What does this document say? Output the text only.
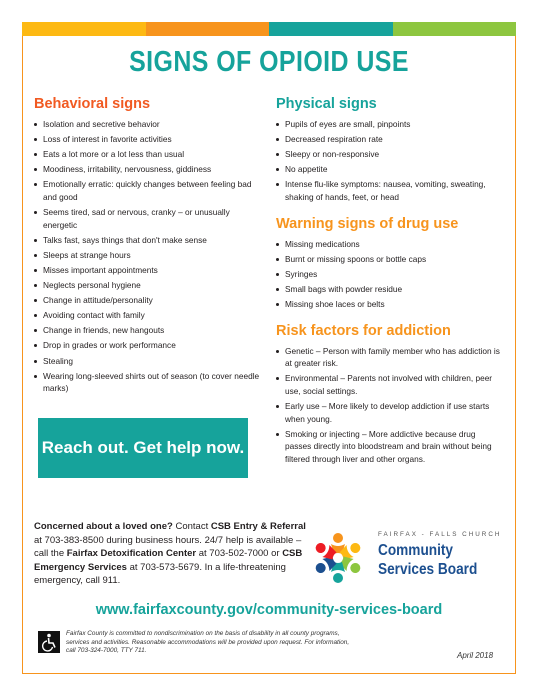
SIGNS OF OPIOID USE
Behavioral signs
Isolation and secretive behavior
Loss of interest in favorite activities
Eats a lot more or a lot less than usual
Moodiness, irritability, nervousness, giddiness
Emotionally erratic: quickly changes between feeling bad and good
Seems tired, sad or nervous, cranky – or unusually energetic
Talks fast, says things that don't make sense
Sleeps at strange hours
Misses important appointments
Neglects personal hygiene
Change in attitude/personality
Avoiding contact with family
Change in friends, new hangouts
Drop in grades or work performance
Stealing
Wearing long-sleeved shirts out of season (to cover needle marks)
Physical signs
Pupils of eyes are small, pinpoints
Decreased respiration rate
Sleepy or non-responsive
No appetite
Intense flu-like symptoms: nausea, vomiting, sweating, shaking of hands, feet, or head
Warning signs of drug use
Missing medications
Burnt or missing spoons or bottle caps
Syringes
Small bags with powder residue
Missing shoe laces or belts
Risk factors for addiction
Genetic – Person with family member who has addiction is at greater risk.
Environmental – Parents not involved with children, peer use, social settings.
Early use – More likely to develop addiction if use starts when young.
Smoking or injecting – More addictive because drug passes directly into bloodstream and brain without being filtered through liver and other organs.
Reach out. Get help now.

Concerned about a loved one? Contact CSB Entry & Referral at 703-383-8500 during business hours. 24/7 help is available – call the Fairfax Detoxification Center at 703-502-7000 or CSB Emergency Services at 703-573-5679. In a life-threatening emergency, call 911.

FAIRFAX - FALLS CHURCH
Community
Services Board
www.fairfaxcounty.gov/community-services-board

Fairfax County is committed to nondiscrimination on the basis of disability in all county programs, services and activities. Reasonable accommodations will be provided upon request. For information, call 703-324-7000, TTY 711.

April 2018
